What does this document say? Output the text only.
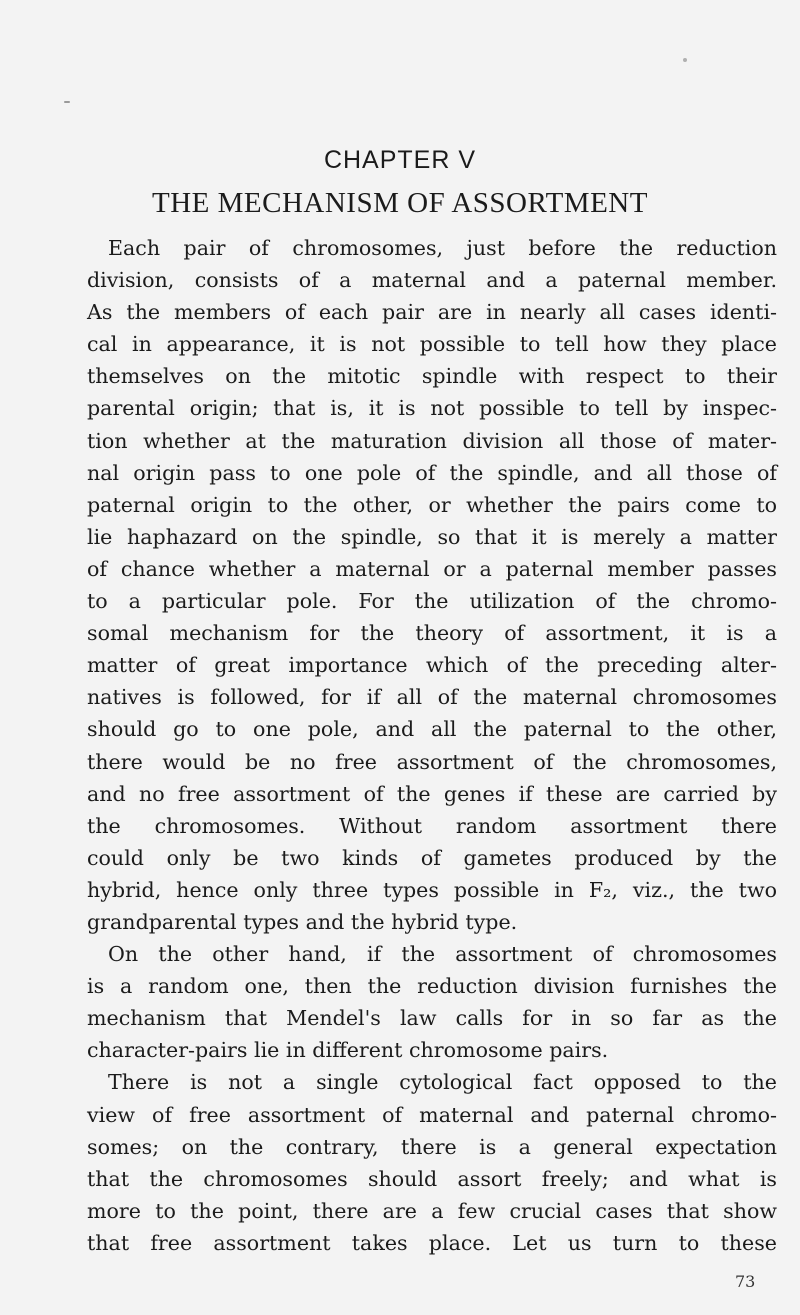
CHAPTER V
THE MECHANISM OF ASSORTMENT

Each pair of chromosomes, just before the reduction
division, consists of a maternal and a paternal member.
As the members of each pair are in nearly all cases identi-
cal in appearance, it is not possible to tell how they place
themselves on the mitotic spindle with respect to their
parental origin; that is, it is not possible to tell by inspec-
tion whether at the maturation division all those of mater-
nal origin pass to one pole of the spindle, and all those of
paternal origin to the other, or whether the pairs come to
lie haphazard on the spindle, so that it is merely a matter
of chance whether a maternal or a paternal member passes
to a particular pole. For the utilization of the chromo-
somal mechanism for the theory of assortment, it is a
matter of great importance which of the preceding alter-
natives is followed, for if all of the maternal chromosomes
should go to one pole, and all the paternal to the other,
there would be no free assortment of the chromosomes,
and no free assortment of the genes if these are carried by
the chromosomes. Without random assortment there
could only be two kinds of gametes produced by the
hybrid, hence only three types possible in F₂, viz., the two
grandparental types and the hybrid type.

On the other hand, if the assortment of chromosomes
is a random one, then the reduction division furnishes the
mechanism that Mendel's law calls for in so far as the
character-pairs lie in different chromosome pairs.

There is not a single cytological fact opposed to the
view of free assortment of maternal and paternal chromo-
somes; on the contrary, there is a general expectation
that the chromosomes should assort freely; and what is
more to the point, there are a few crucial cases that show
that free assortment takes place. Let us turn to these

73
